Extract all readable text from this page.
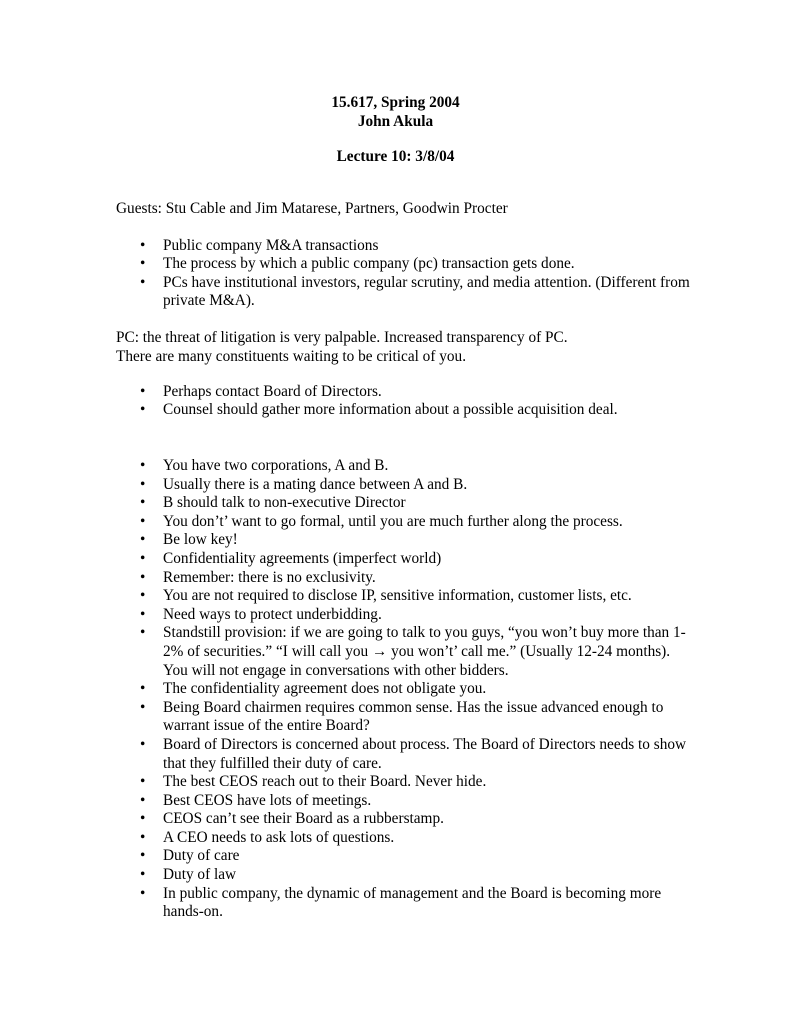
15.617, Spring 2004
John Akula
Lecture 10: 3/8/04
Guests: Stu Cable and Jim Matarese, Partners, Goodwin Procter
• Public company M&A transactions
• The process by which a public company (pc) transaction gets done.
• PCs have institutional investors, regular scrutiny, and media attention. (Different from private M&A).
PC: the threat of litigation is very palpable. Increased transparency of PC.
There are many constituents waiting to be critical of you.
• Perhaps contact Board of Directors.
• Counsel should gather more information about a possible acquisition deal.
• You have two corporations, A and B.
• Usually there is a mating dance between A and B.
• B should talk to non-executive Director
• You don’t’ want to go formal, until you are much further along the process.
• Be low key!
• Confidentiality agreements (imperfect world)
• Remember: there is no exclusivity.
• You are not required to disclose IP, sensitive information, customer lists, etc.
• Need ways to protect underbidding.
• Standstill provision: if we are going to talk to you guys, “you won’t buy more than 1-2% of securities.” “I will call you → you won’t’ call me.” (Usually 12-24 months). You will not engage in conversations with other bidders.
• The confidentiality agreement does not obligate you.
• Being Board chairmen requires common sense. Has the issue advanced enough to warrant issue of the entire Board?
• Board of Directors is concerned about process. The Board of Directors needs to show that they fulfilled their duty of care.
• The best CEOS reach out to their Board. Never hide.
• Best CEOS have lots of meetings.
• CEOS can’t see their Board as a rubberstamp.
• A CEO needs to ask lots of questions.
• Duty of care
• Duty of law
• In public company, the dynamic of management and the Board is becoming more hands-on.
